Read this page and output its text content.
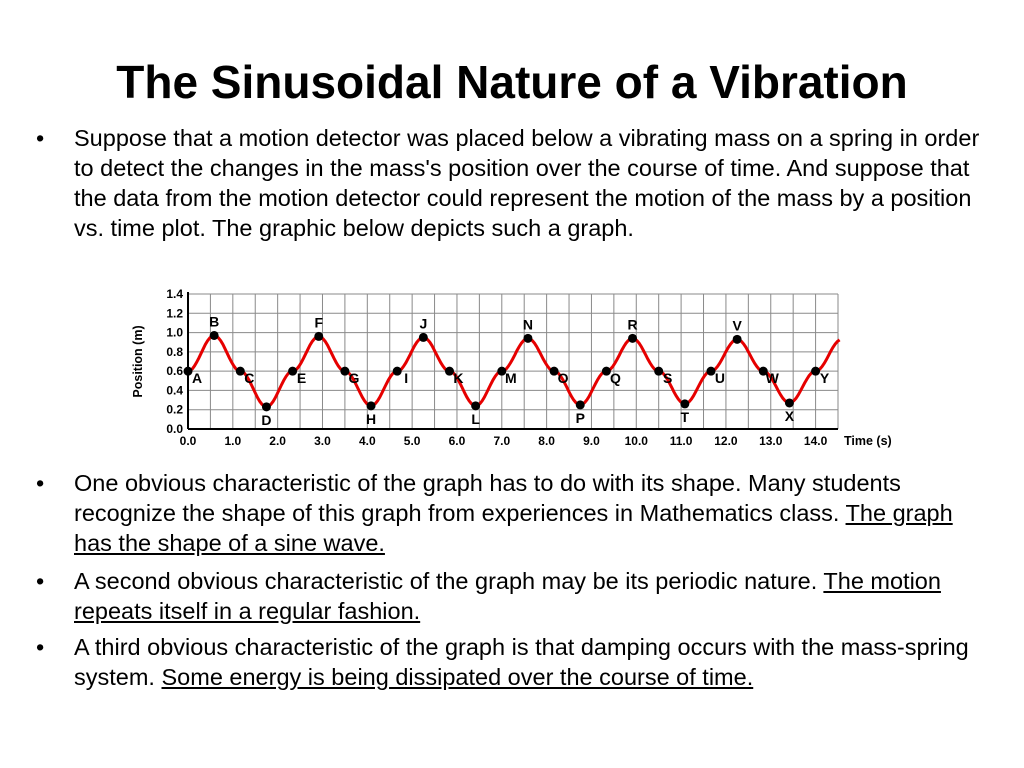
The Sinusoidal Nature of a Vibration
• Suppose that a motion detector was placed below a vibrating mass on a spring in order to detect the changes in the mass's position over the course of time. And suppose that the data from the motion detector could represent the motion of the mass by a position vs. time plot. The graphic below depicts such a graph.
A
B
C
D
E
F
G
H
I
J
K
L
M
N
O
P
Q
R
S
T
U
V
W
X
Y
0.0
0.2
0.4
0.6
0.8
1.0
1.2
1.4
0.0 1.0 2.0 3.0 4.0 5.0 6.0 7.0 8.0 9.0 10.0 11.0 12.0 13.0 14.0 Time (s)
Position (m)
• One obvious characteristic of the graph has to do with its shape. Many students recognize the shape of this graph from experiences in Mathematics class. The graph has the shape of a sine wave.
• A second obvious characteristic of the graph may be its periodic nature. The motion repeats itself in a regular fashion.
• A third obvious characteristic of the graph is that damping occurs with the mass-spring system. Some energy is being dissipated over the course of time.
